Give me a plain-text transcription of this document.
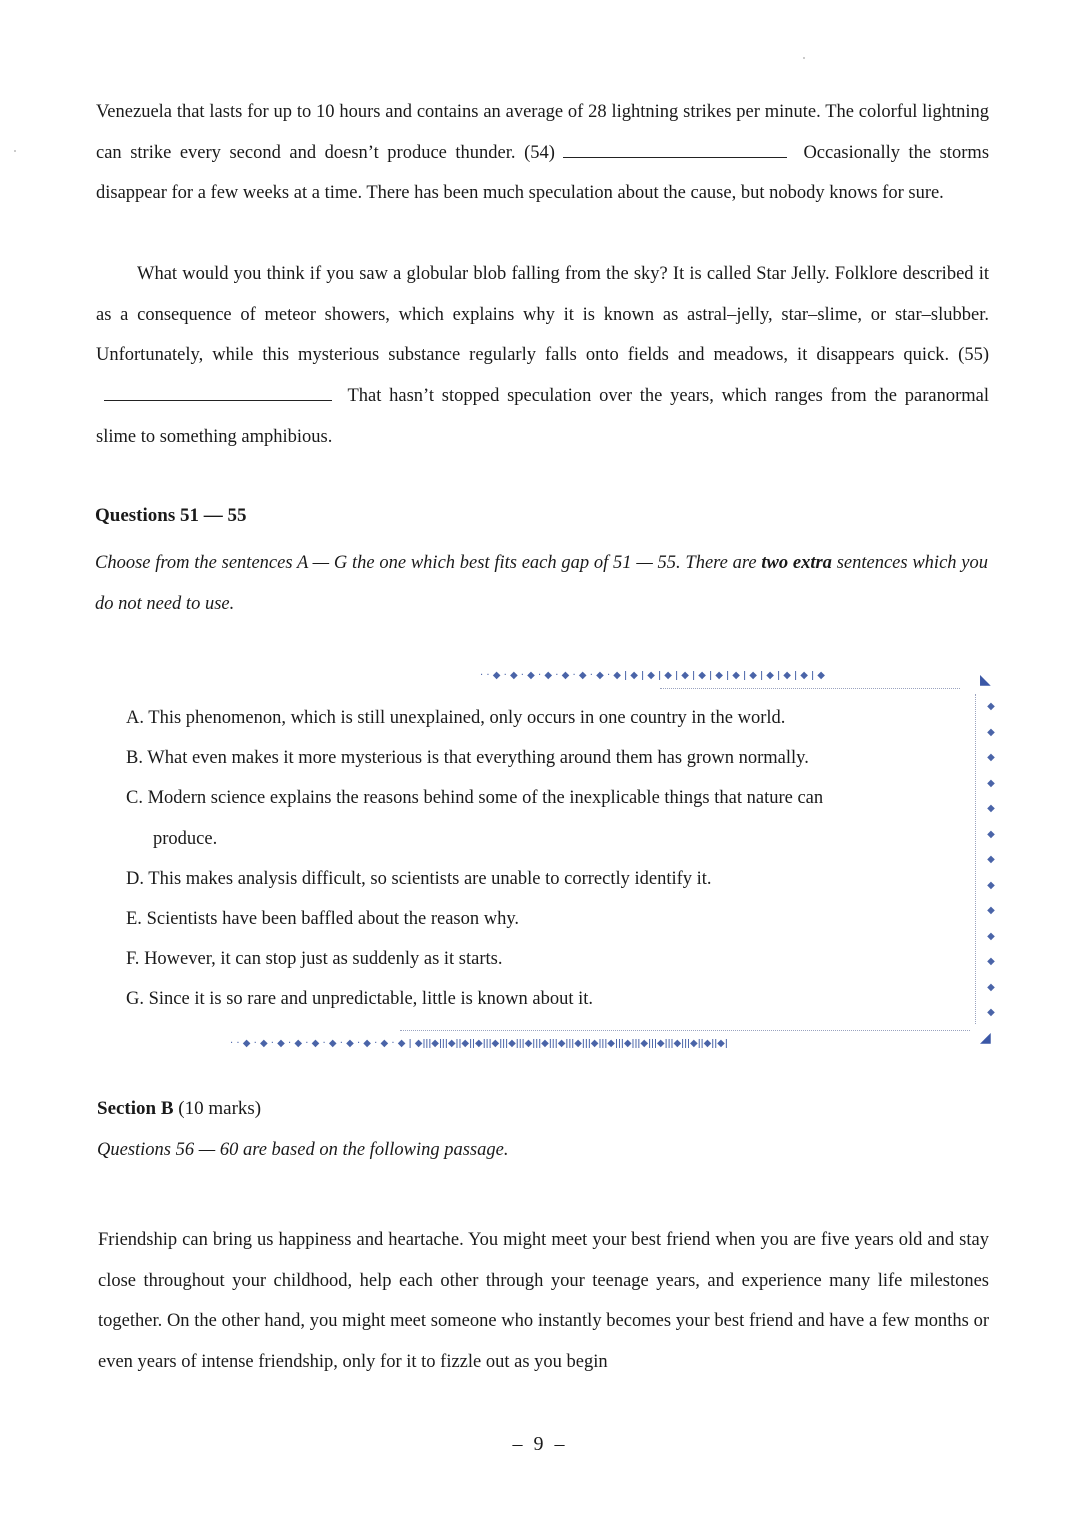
Venezuela that lasts for up to 10 hours and contains an average of 28 lightning strikes per minute. The colorful lightning can strike every second and doesn’t produce thunder. (54)	Occasionally the storms disappear for a few weeks at a time. There has been much speculation about the cause, but nobody knows for sure.

What would you think if you saw a globular blob falling from the sky? It is called Star Jelly. Folklore described it as a consequence of meteor showers, which explains why it is known as astral–jelly, star–slime, or star–slubber. Unfortunately, while this mysterious substance regularly falls onto fields and meadows, it disappears quick. (55) That hasn’t stopped speculation over the years, which ranges from the paranormal slime to something amphibious.

Questions 51 — 55

Choose from the sentences A — G the one which best fits each gap of 51 — 55. There are two extra sentences which you do not need to use.

· · ◆ · ◆ · ◆ · ◆ · ◆ · ◆ · ◆ · ◆ ǀ ◆ ǀ ◆ ǀ ◆ ǀ ◆ ǀ ◆ ǀ ◆ ǀ ◆ ǀ ◆ ǀ ◆ ǀ ◆ ǀ ◆ ǀ ◆	◣
◆
◆
◆
◆
◆
◆
◆
◆
◆
◆
◆
◆
◆
A. This phenomenon, which is still unexplained, only occurs in one country in the world.
B. What even makes it more mysterious is that everything around them has grown normally.
C. Modern science explains the reasons behind some of the inexplicable things that nature can
produce.
D. This makes analysis difficult, so scientists are unable to correctly identify it.
E. Scientists have been baffled about the reason why.
F. However, it can stop just as suddenly as it starts.
G. Since it is so rare and unpredictable, little is known about it.
· · ◆ · ◆ · ◆ · ◆ · ◆ · ◆ · ◆ · ◆ · ◆ · ◆ ǀ ◆ǀǀǀ◆ǀǀǀ◆ǀǀ◆ǀǀ◆ǀǀǀ◆ǀǀǀ◆ǀǀǀ◆ǀǀǀ◆ǀǀǀ◆ǀǀǀ◆ǀǀǀ◆ǀǀǀ◆ǀǀǀ◆ǀǀǀ◆ǀǀǀ◆ǀǀǀ◆ǀǀǀ◆ǀǀ◆ǀǀ◆ǀ	◢

Section B (10 marks)

Questions 56 — 60 are based on the following passage.

Friendship can bring us happiness and heartache. You might meet your best friend when you are five years old and stay close throughout your childhood, help each other through your teenage years, and experience many life milestones together. On the other hand, you might meet someone who instantly becomes your best friend and have a few months or even years of intense friendship, only for it to fizzle out as you begin

– 9 –
